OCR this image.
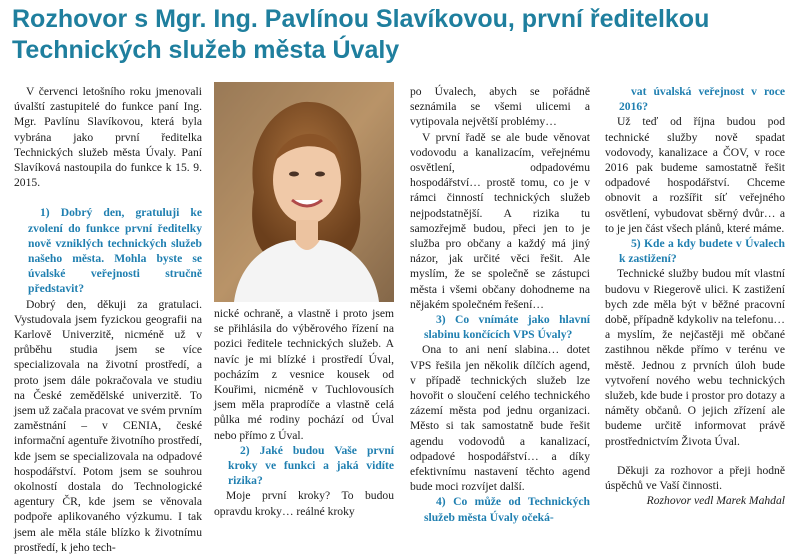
Rozhovor s Mgr. Ing. Pavlínou Slavíkovou, první ředitelkou Technických služeb města Úvaly

V červenci letošního roku jmenovali úvalští zastupitelé do funkce paní Ing. Mgr. Pavlínu Slavíkovou, která byla vybrána jako první ředitelka Technických služeb města Úvaly. Paní Slavíková nastoupila do funkce k 15. 9. 2015.

1) Dobrý den, gratuluji ke zvolení do funkce první ředitelky nově vzniklých technických služeb našeho města. Mohla byste se úvalské veřejnosti stručně představit?

Dobrý den, děkuji za gratulaci. Vystudovala jsem fyzickou geografii na Karlově Univerzitě, nicméně už v průběhu studia jsem se více specializovala na životní prostředí, a proto jsem dále pokračovala ve studiu na České zemědělské univerzitě. To jsem už začala pracovat ve svém prvním zaměstnání – v CENIA, české informační agentuře životního prostředí, kde jsem se specializovala na odpadové hospodářství. Potom jsem se souhrou okolností dostala do Technologické agentury ČR, kde jsem se věnovala podpoře aplikovaného výzkumu. I tak jsem ale měla stále blízko k životnímu prostředí, k jeho tech-

nické ochraně, a vlastně i proto jsem se přihlásila do výběrového řízení na pozici ředitele technických služeb. A navíc je mi blízké i prostředí Úval, pocházím z vesnice kousek od Kouřimi, nicméně v Tuchlovousích jsem měla praprodíče a vlastně celá půlka mé rodiny pochází od Úval nebo přímo z Úval.

2) Jaké budou Vaše první kroky ve funkci a jaká vidíte rizika?

Moje první kroky? To budou opravdu kroky… reálné kroky

po Úvalech, abych se pořádně seznámila se všemi ulicemi a vytipovala největší problémy…

V první řadě se ale bude věnovat vodovodu a kanalizacím, veřejnému osvětlení, odpadovému hospodářství… prostě tomu, co je v rámci činností technických služeb nejpodstatnější. A rizika tu samozřejmě budou, přeci jen to je služba pro občany a každý má jiný názor, jak určité věci řešit. Ale myslím, že se společně se zástupci města i všemi občany dohodneme na nějakém společném řešení…

3) Co vnímáte jako hlavní slabinu končících VPS Úvaly?

Ona to ani není slabina… dotet VPS řešila jen několik dílčích agend, v případě technických služeb lze hovořit o sloučení celého technického zázemí města pod jednu organizaci. Město si tak samostatně bude řešit agendu vodovodů a kanalizací, odpadové hospodářství… a díky efektivnímu nastavení těchto agend bude moci rozvíjet další.

4) Co může od Technických služeb města Úvaly očeká-

vat úvalská veřejnost v roce 2016?

Už teď od října budou pod technické služby nově spadat vodovody, kanalizace a ČOV, v roce 2016 pak budeme samostatně řešit odpadové hospodářství. Chceme obnovit a rozšířit síť veřejného osvětlení, vybudovat sběrný dvůr… a to je jen část všech plánů, které máme.

5) Kde a kdy budete v Úvalech k zastižení?

Technické služby budou mít vlastní budovu v Riegerově ulici. K zastižení bych zde měla být v běžné pracovní době, případně kdykoliv na telefonu… a myslím, že nejčastěji mě občané zastihnou někde přímo v terénu ve městě. Jednou z prvních úloh bude vytvoření nového webu technických služeb, kde bude i prostor pro dotazy a náměty občanů. O jejich zřízení ale budeme určitě informovat právě prostřednictvím Života Úval.

Děkuji za rozhovor a přeji hodně úspěchů ve Vaší činnosti.

Rozhovor vedl Marek Mahdal
